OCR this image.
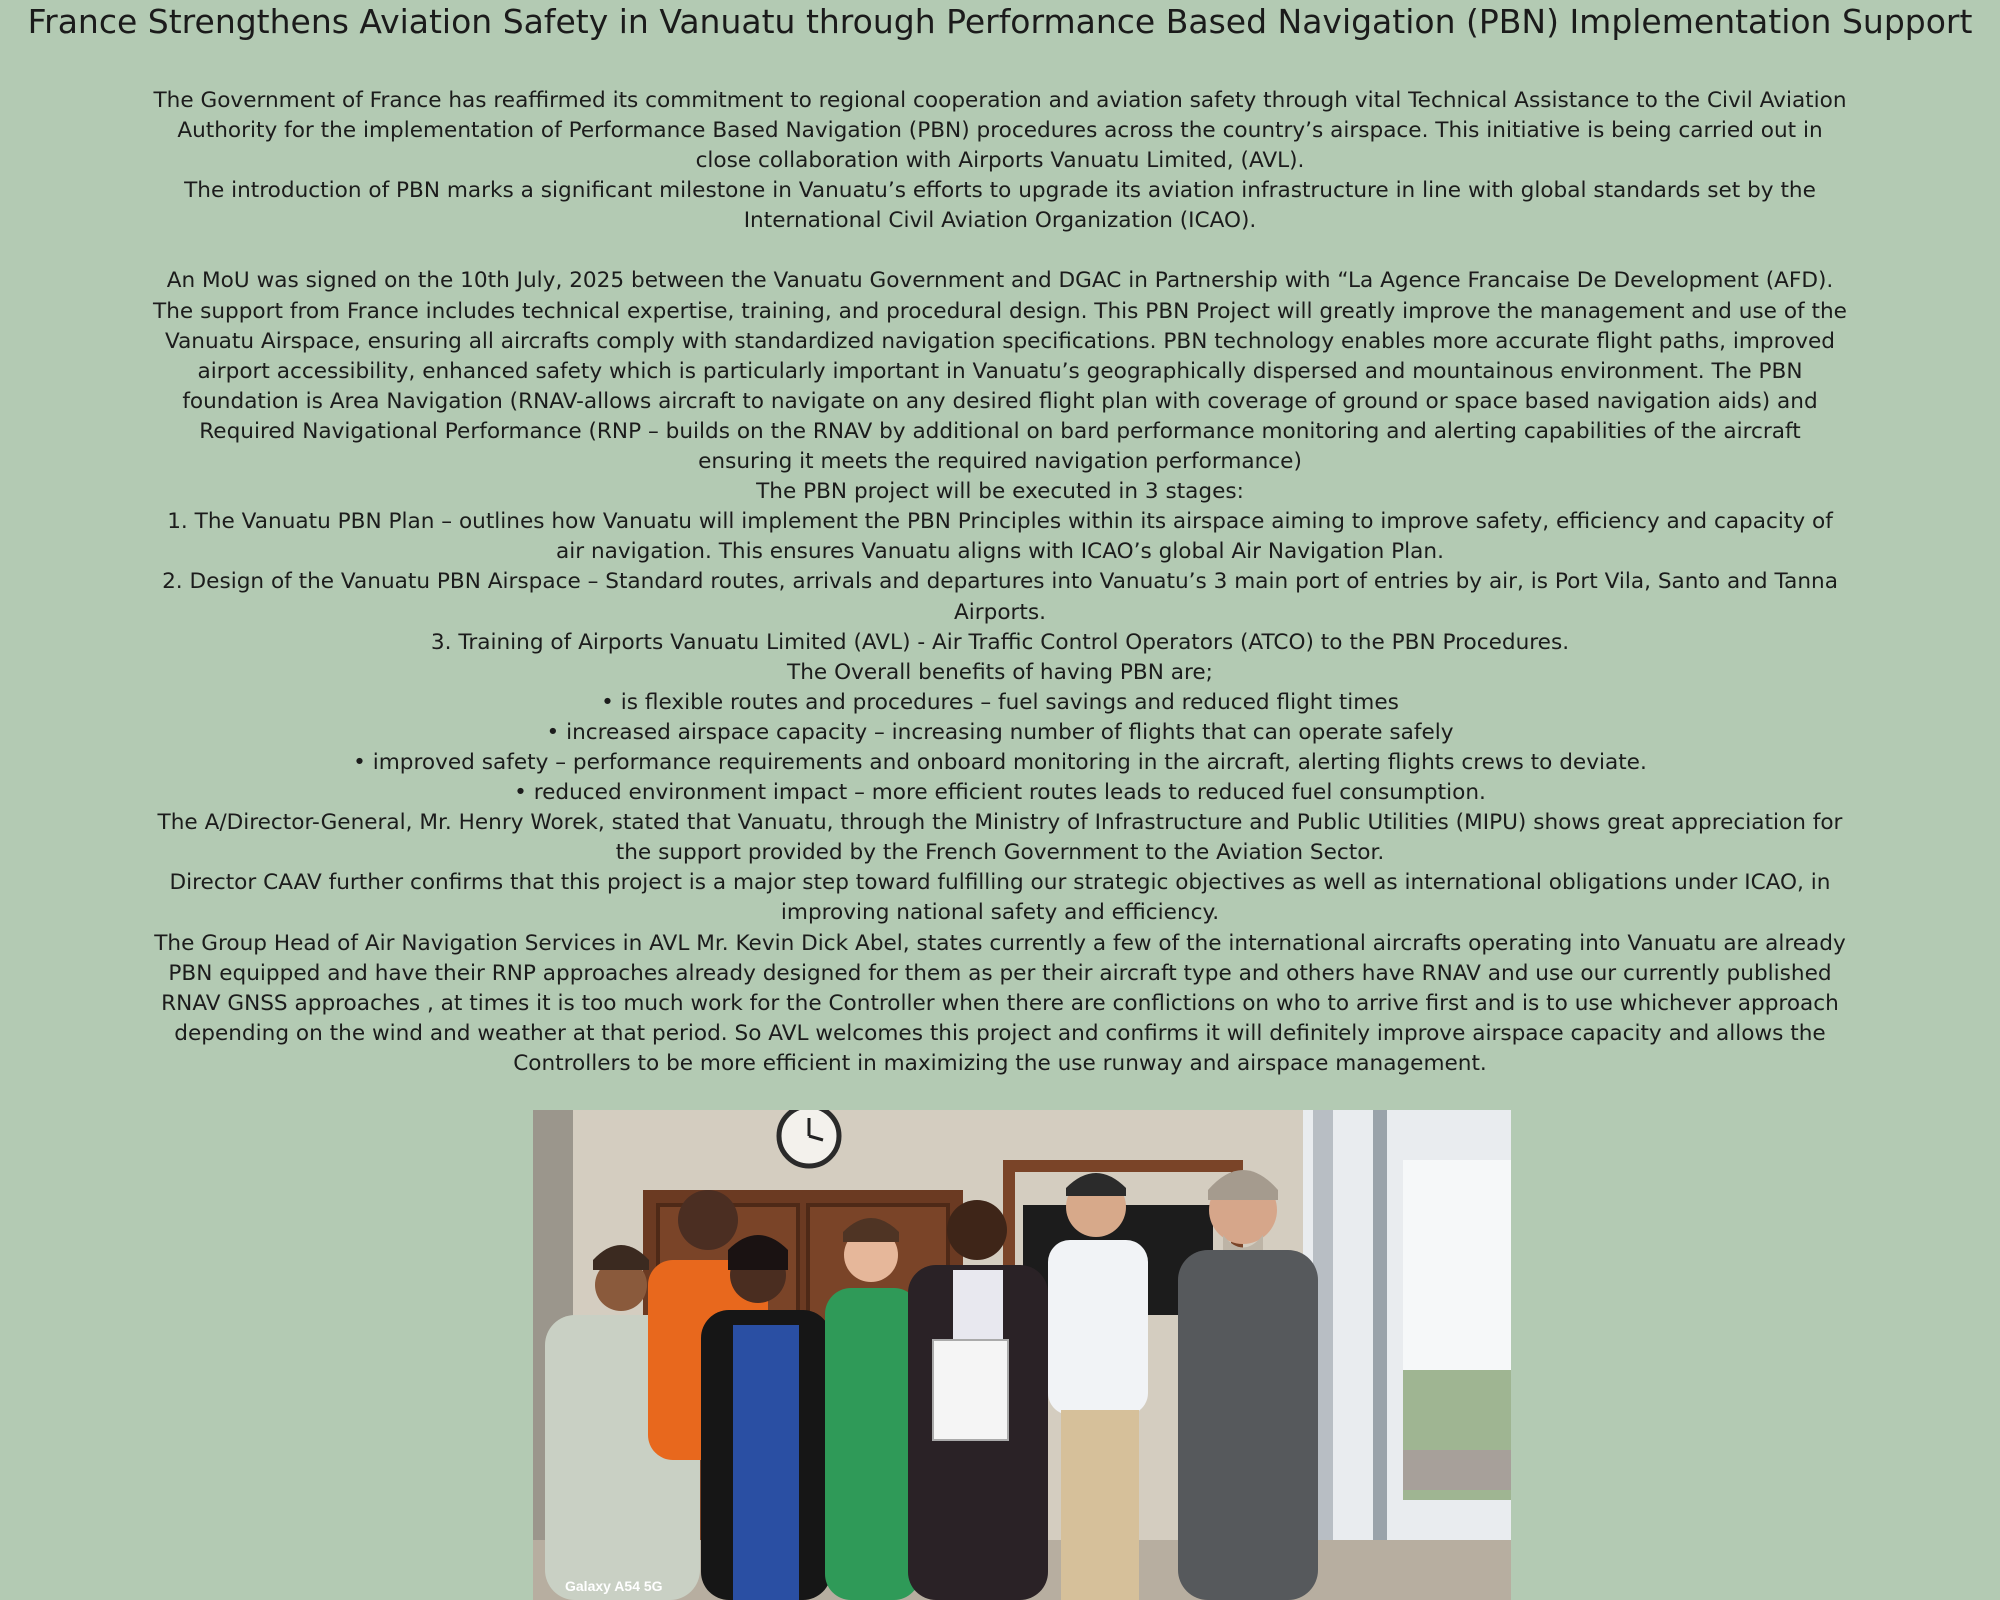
France Strengthens Aviation Safety in Vanuatu through Performance Based Navigation (PBN) Implementation Support

The Government of France has reaffirmed its commitment to regional cooperation and aviation safety through vital Technical Assistance to the Civil Aviation Authority for the implementation of Performance Based Navigation (PBN) procedures across the country’s airspace. This initiative is being carried out in close collaboration with Airports Vanuatu Limited, (AVL).

The introduction of PBN marks a significant milestone in Vanuatu’s efforts to upgrade its aviation infrastructure in line with global standards set by the International Civil Aviation Organization (ICAO).

An MoU was signed on the 10th July, 2025 between the Vanuatu Government and DGAC in Partnership with “La Agence Francaise De Development (AFD).

The support from France includes technical expertise, training, and procedural design. This PBN Project will greatly improve the management and use of the Vanuatu Airspace, ensuring all aircrafts comply with standardized navigation specifications. PBN technology enables more accurate flight paths, improved airport accessibility, enhanced safety which is particularly important in Vanuatu’s geographically dispersed and mountainous environment. The PBN foundation is Area Navigation (RNAV-allows aircraft to navigate on any desired flight plan with coverage of ground or space based navigation aids) and Required Navigational Performance (RNP – builds on the RNAV by additional on bard performance monitoring and alerting capabilities of the aircraft ensuring it meets the required navigation performance)

The PBN project will be executed in 3 stages:

1. The Vanuatu PBN Plan – outlines how Vanuatu will implement the PBN Principles within its airspace aiming to improve safety, efficiency and capacity of air navigation. This ensures Vanuatu aligns with ICAO’s global Air Navigation Plan.

2. Design of the Vanuatu PBN Airspace – Standard routes, arrivals and departures into Vanuatu’s 3 main port of entries by air, is Port Vila, Santo and Tanna Airports.

3. Training of Airports Vanuatu Limited (AVL) - Air Traffic Control Operators (ATCO) to the PBN Procedures.

The Overall benefits of having PBN are;

• is flexible routes and procedures – fuel savings and reduced flight times

• increased airspace capacity – increasing number of flights that can operate safely

• improved safety – performance requirements and onboard monitoring in the aircraft, alerting flights crews to deviate.

• reduced environment impact – more efficient routes leads to reduced fuel consumption.

The A/Director-General, Mr. Henry Worek, stated that Vanuatu, through the Ministry of Infrastructure and Public Utilities (MIPU) shows great appreciation for the support provided by the French Government to the Aviation Sector.

Director CAAV further confirms that this project is a major step toward fulfilling our strategic objectives as well as international obligations under ICAO, in improving national safety and efficiency.

The Group Head of Air Navigation Services in AVL Mr. Kevin Dick Abel, states currently a few of the international aircrafts operating into Vanuatu are already PBN equipped and have their RNP approaches already designed for them as per their aircraft type and others have RNAV and use our currently published RNAV GNSS approaches , at times it is too much work for the Controller when there are conflictions on who to arrive first and is to use whichever approach depending on the wind and weather at that period. So AVL welcomes this project and confirms it will definitely improve airspace capacity and allows the Controllers to be more efficient in maximizing the use runway and airspace management.

Galaxy A54 5G
